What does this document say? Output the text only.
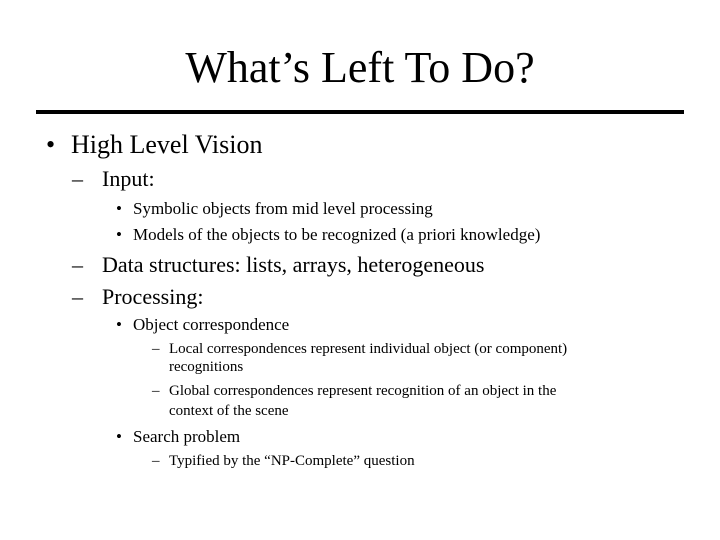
What’s Left To Do?
• High Level Vision
– Input:
• Symbolic objects from mid level processing
• Models of the objects to be recognized (a priori knowledge)
– Data structures: lists, arrays, heterogeneous
– Processing:
• Object correspondence
– Local correspondences represent individual object (or component)
recognitions
– Global correspondences represent recognition of an object in the
context of the scene
• Search problem
– Typified by the “NP-Complete” question
